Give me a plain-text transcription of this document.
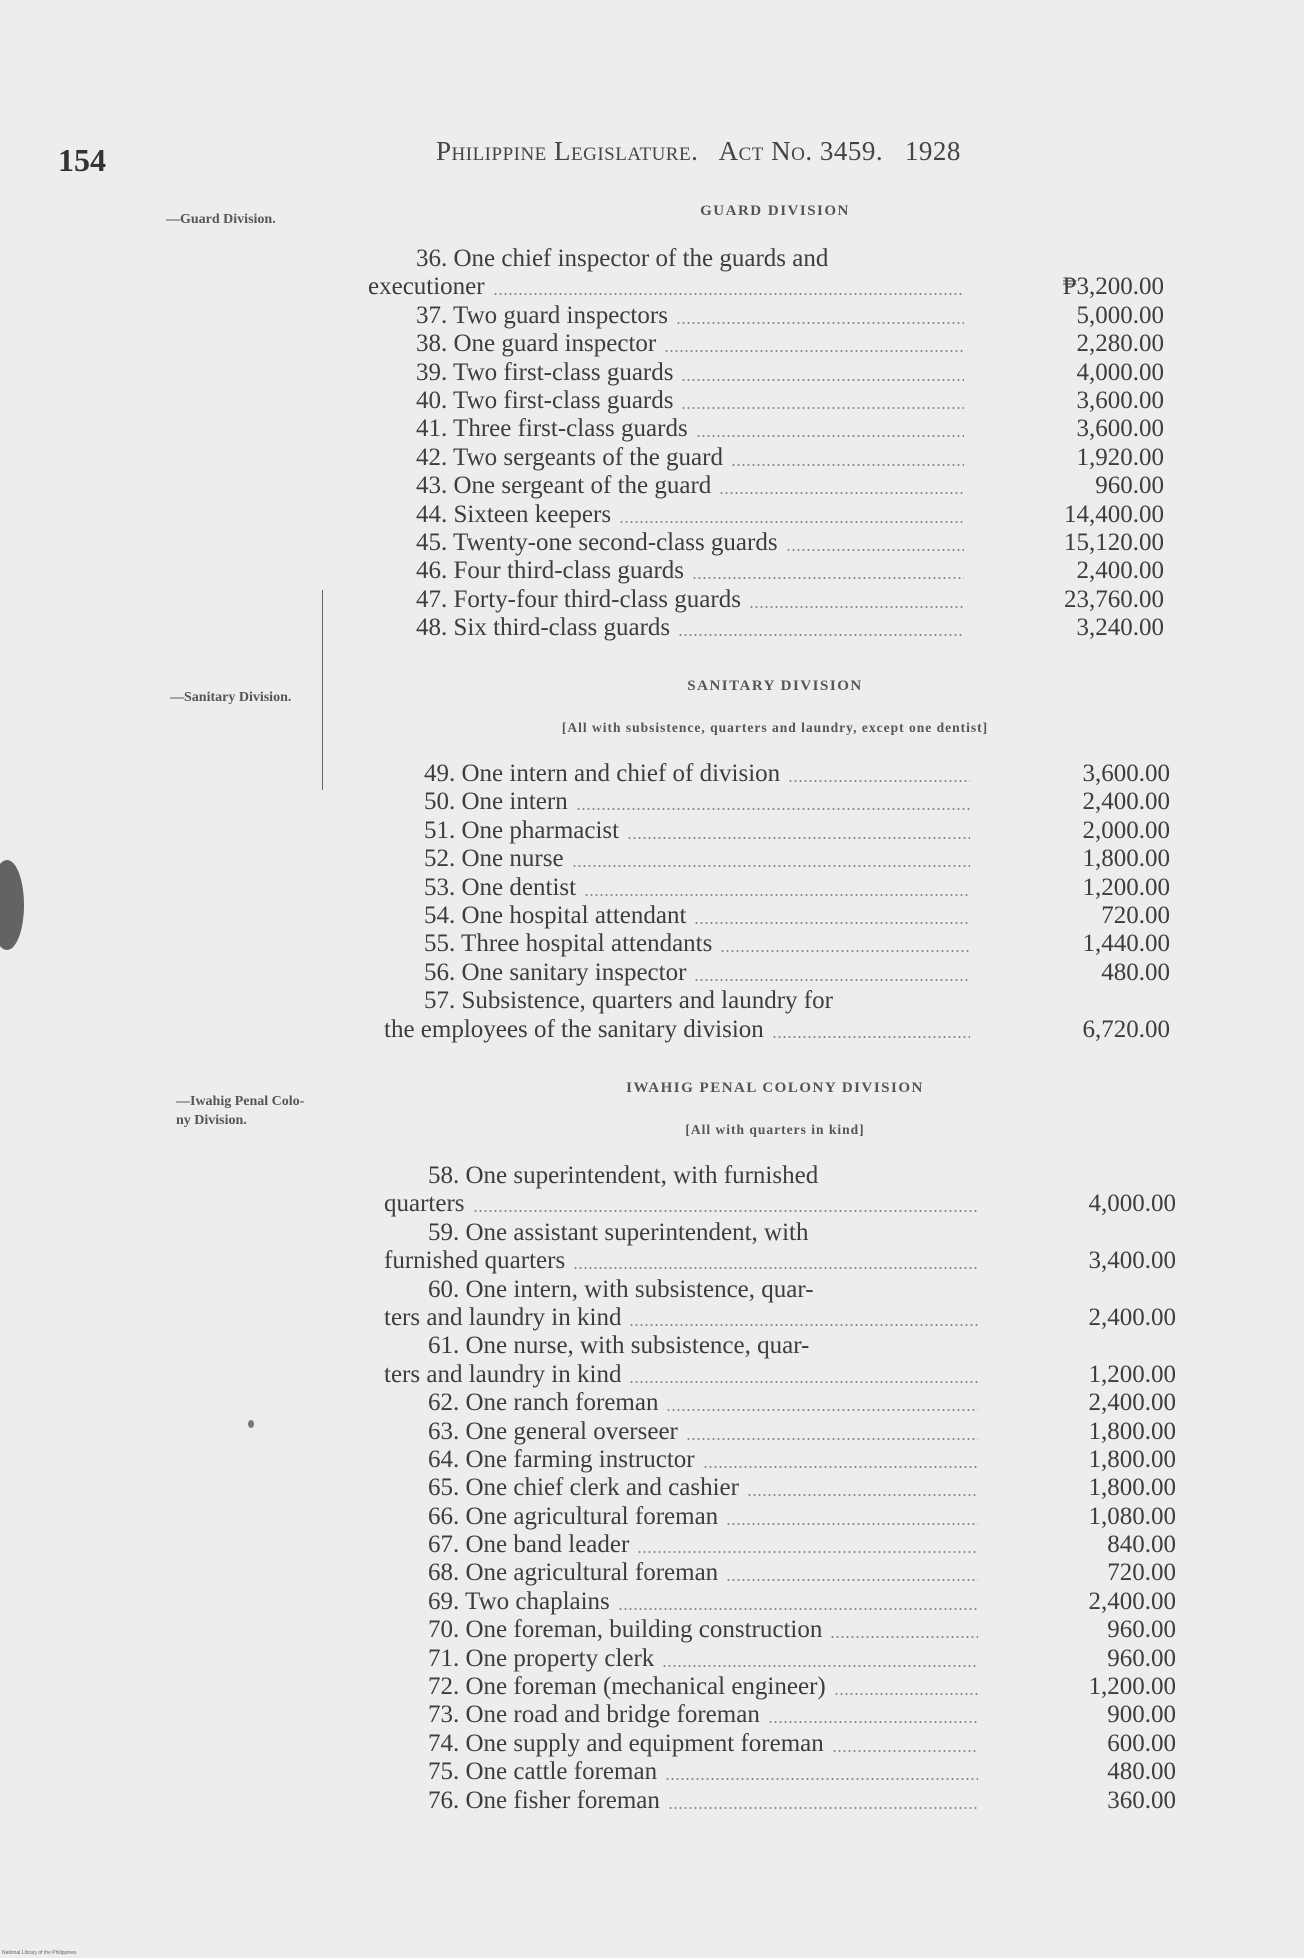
154	Philippine Legislature.   Act No. 3459.   1928
—Guard Division.
GUARD DIVISION
36. One chief inspector of the guards and
executioner	₱3,200.00
37. Two guard inspectors	5,000.00
38. One guard inspector	2,280.00
39. Two first-class guards	4,000.00
40. Two first-class guards	3,600.00
41. Three first-class guards	3,600.00
42. Two sergeants of the guard	1,920.00
43. One sergeant of the guard	960.00
44. Sixteen keepers	14,400.00
45. Twenty-one second-class guards	15,120.00
46. Four third-class guards	2,400.00
47. Forty-four third-class guards	23,760.00
48. Six third-class guards	3,240.00
—Sanitary Division.
SANITARY DIVISION
[All with subsistence, quarters and laundry, except one dentist]
49. One intern and chief of division	3,600.00
50. One intern	2,400.00
51. One pharmacist	2,000.00
52. One nurse	1,800.00
53. One dentist	1,200.00
54. One hospital attendant	720.00
55. Three hospital attendants	1,440.00
56. One sanitary inspector	480.00
57. Subsistence, quarters and laundry for
the employees of the sanitary division	6,720.00
—Iwahig Penal Colo-
ny Division.
IWAHIG PENAL COLONY DIVISION
[All with quarters in kind]
58. One superintendent, with furnished
quarters	4,000.00
59. One assistant superintendent, with
furnished quarters	3,400.00
60. One intern, with subsistence, quar-
ters and laundry in kind	2,400.00
61. One nurse, with subsistence, quar-
ters and laundry in kind	1,200.00
62. One ranch foreman	2,400.00
63. One general overseer	1,800.00
64. One farming instructor	1,800.00
65. One chief clerk and cashier	1,800.00
66. One agricultural foreman	1,080.00
67. One band leader	840.00
68. One agricultural foreman	720.00
69. Two chaplains	2,400.00
70. One foreman, building construction	960.00
71. One property clerk	960.00
72. One foreman (mechanical engineer)	1,200.00
73. One road and bridge foreman	900.00
74. One supply and equipment foreman	600.00
75. One cattle foreman	480.00
76. One fisher foreman	360.00
National Library of the Philippines
